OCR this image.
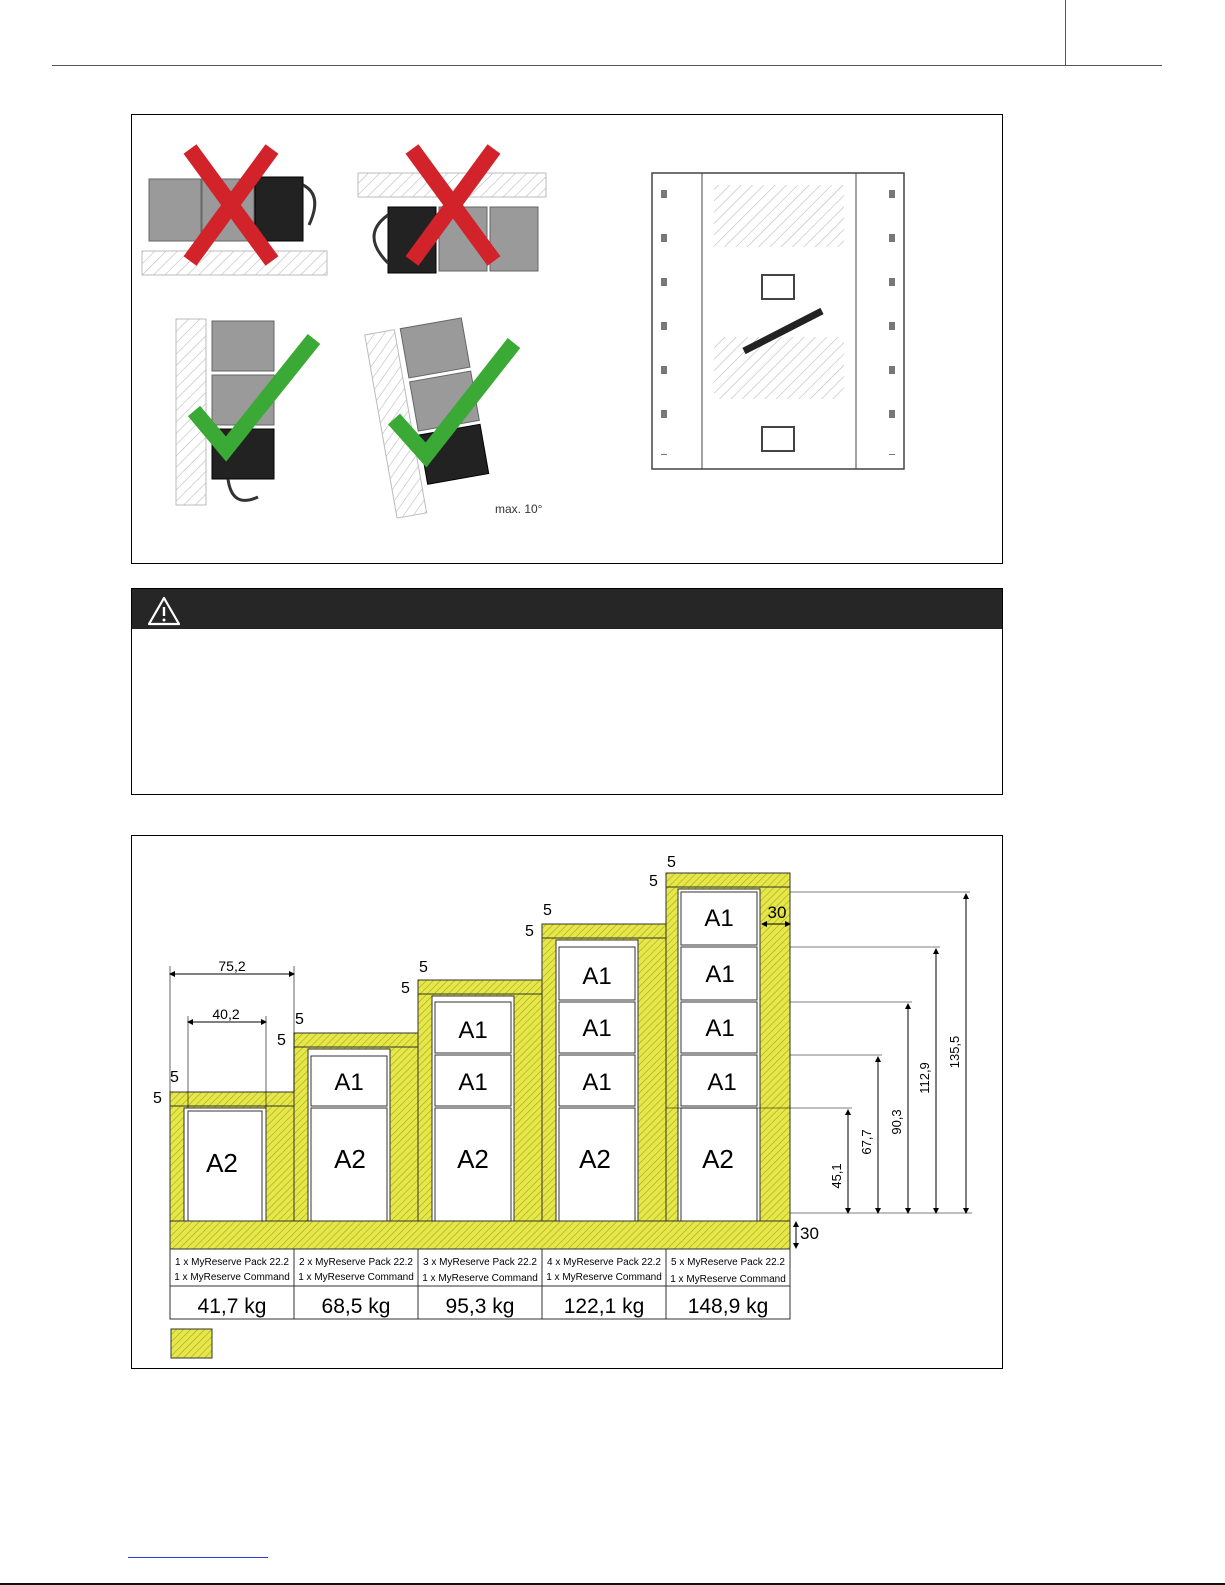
max. 10°
A2	A2
A1
A2
A1
A1
A2
A1
A1
A1
A2
A1
A1
A1
A1
5
5
5
5
5
5
5
5
5
5
75,2
40,2
30
30
45,1
67,7
90,3
112,9
135,5
1 x MyReserve Pack 22.2
1 x MyReserve Command
2 x MyReserve Pack 22.2
1 x MyReserve Command
3 x MyReserve Pack 22.2
1 x MyReserve Command
4 x MyReserve Pack 22.2
1 x MyReserve Command
5 x MyReserve Pack 22.2
1 x MyReserve Command
41,7 kg	68,5 kg	95,3 kg 122,1 kg 148,9 kg
